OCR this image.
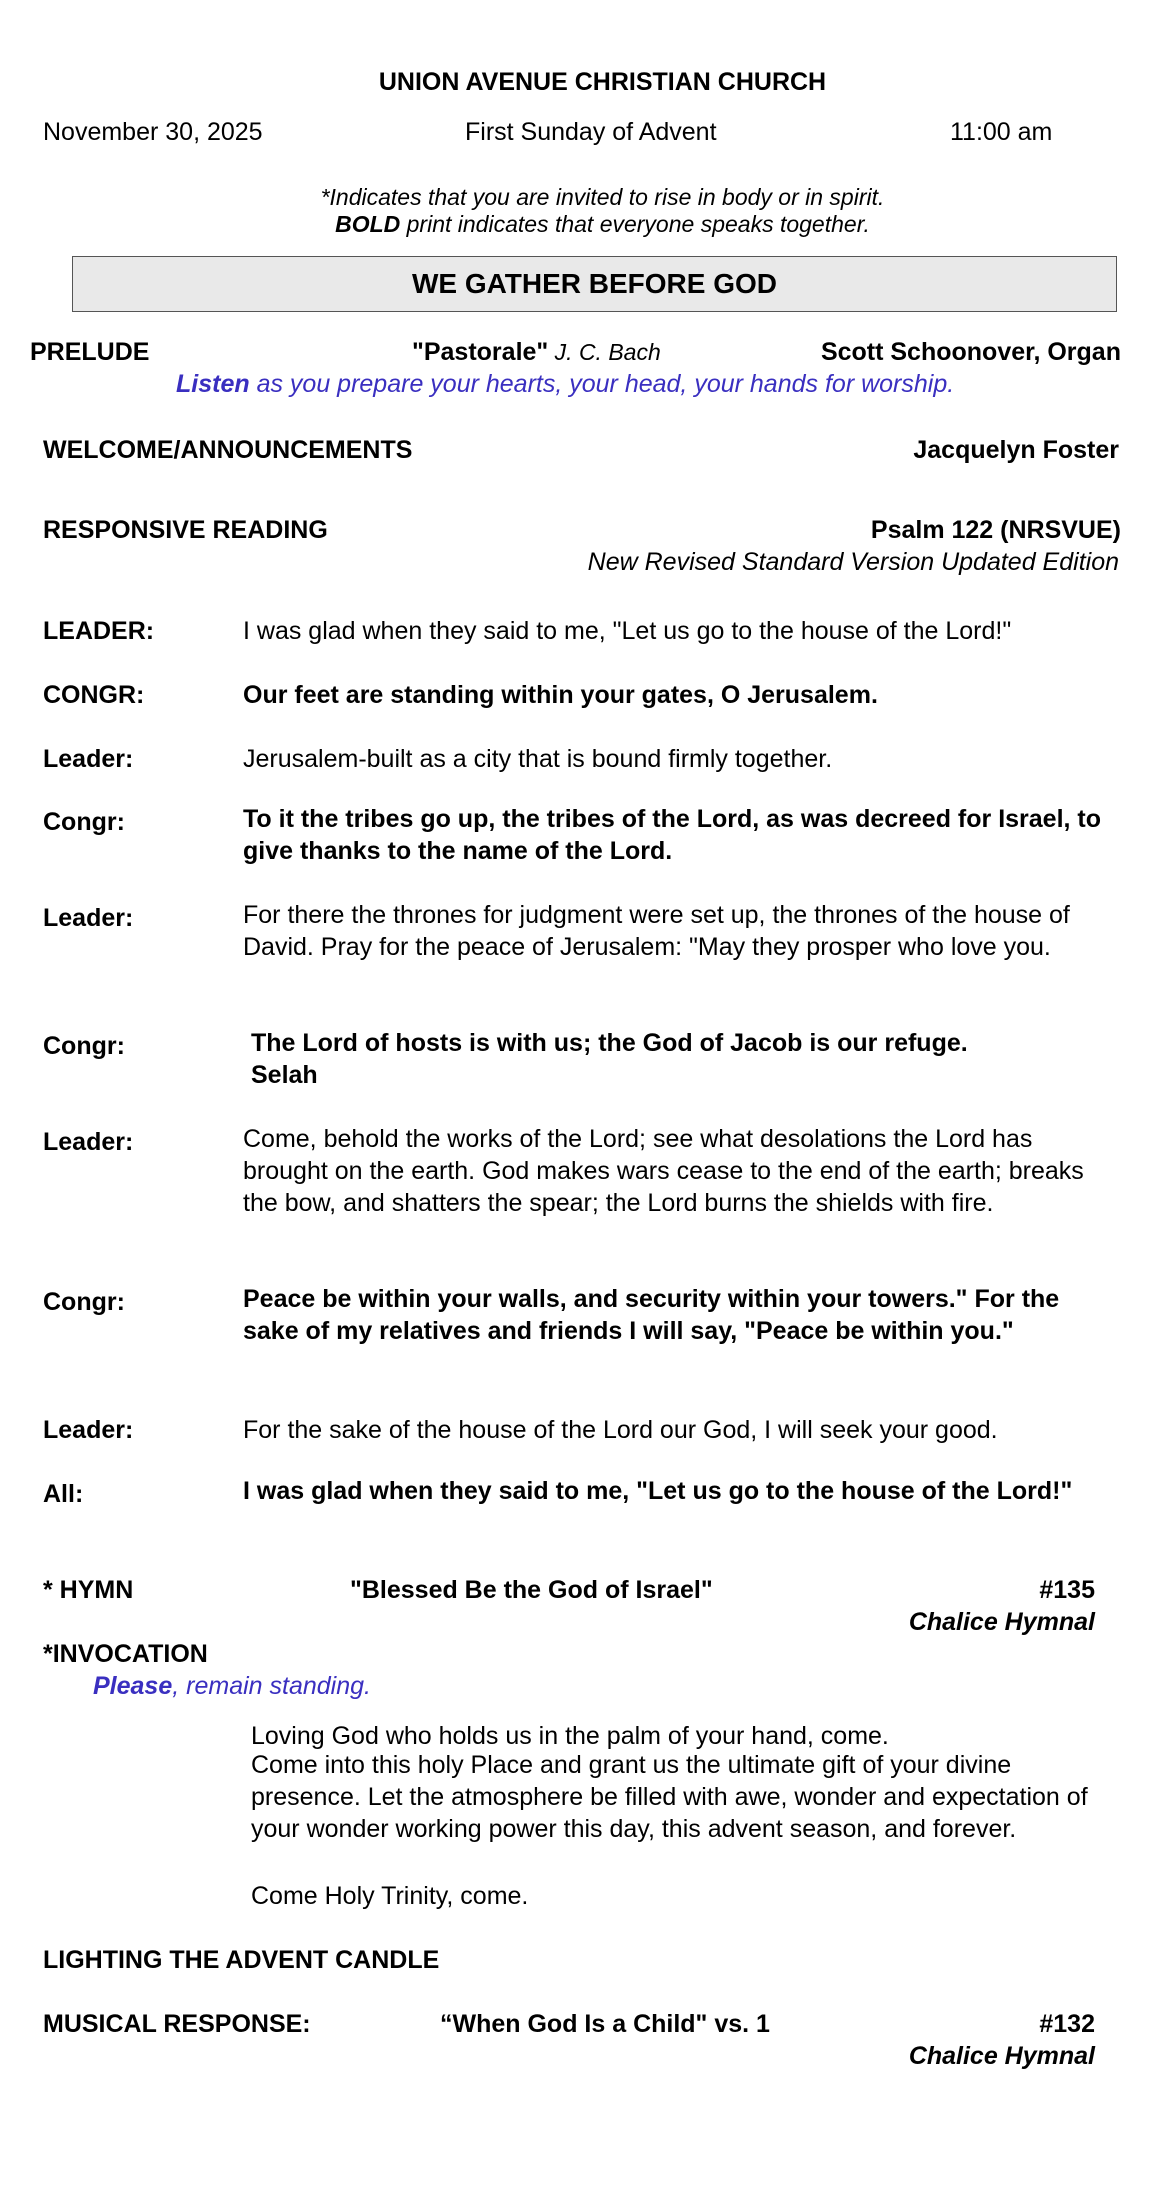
UNION AVENUE CHRISTIAN CHURCH
November 30, 2025	First Sunday of Advent	11:00 am
*Indicates that you are invited to rise in body or in spirit.
BOLD print indicates that everyone speaks together.
WE GATHER BEFORE GOD
PRELUDE	"Pastorale" J. C. Bach	Scott Schoonover, Organ
Listen as you prepare your hearts, your head, your hands for worship.
WELCOME/ANNOUNCEMENTS	Jacquelyn Foster
RESPONSIVE READING	Psalm 122 (NRSVUE)
New Revised Standard Version Updated Edition
LEADER:	I was glad when they said to me, "Let us go to the house of the Lord!"
CONGR:	Our feet are standing within your gates, O Jerusalem.
Leader:	Jerusalem-built as a city that is bound firmly together.
Congr:	To it the tribes go up, the tribes of the Lord, as was decreed for Israel, to give thanks to the name of the Lord.
Leader:	For there the thrones for judgment were set up, the thrones of the house of David. Pray for the peace of Jerusalem: "May they prosper who love you.
Congr:	The Lord of hosts is with us; the God of Jacob is our refuge. Selah
Leader:	Come, behold the works of the Lord; see what desolations the Lord has brought on the earth. God makes wars cease to the end of the earth; breaks the bow, and shatters the spear; the Lord burns the shields with fire.
Congr:	Peace be within your walls, and security within your towers." For the sake of my relatives and friends I will say, "Peace be within you."
Leader:	For the sake of the house of the Lord our God, I will seek your good.
All:	I was glad when they said to me, "Let us go to the house of the Lord!"
* HYMN	"Blessed Be the God of Israel"	#135
Chalice Hymnal
*INVOCATION
Please, remain standing.
Loving God who holds us in the palm of your hand, come.
Come into this holy Place and grant us the ultimate gift of your divine presence. Let the atmosphere be filled with awe, wonder and expectation of your wonder working power this day, this advent season, and forever.
Come Holy Trinity, come.
LIGHTING THE ADVENT CANDLE
MUSICAL RESPONSE:	“When God Is a Child" vs. 1	#132
Chalice Hymnal
